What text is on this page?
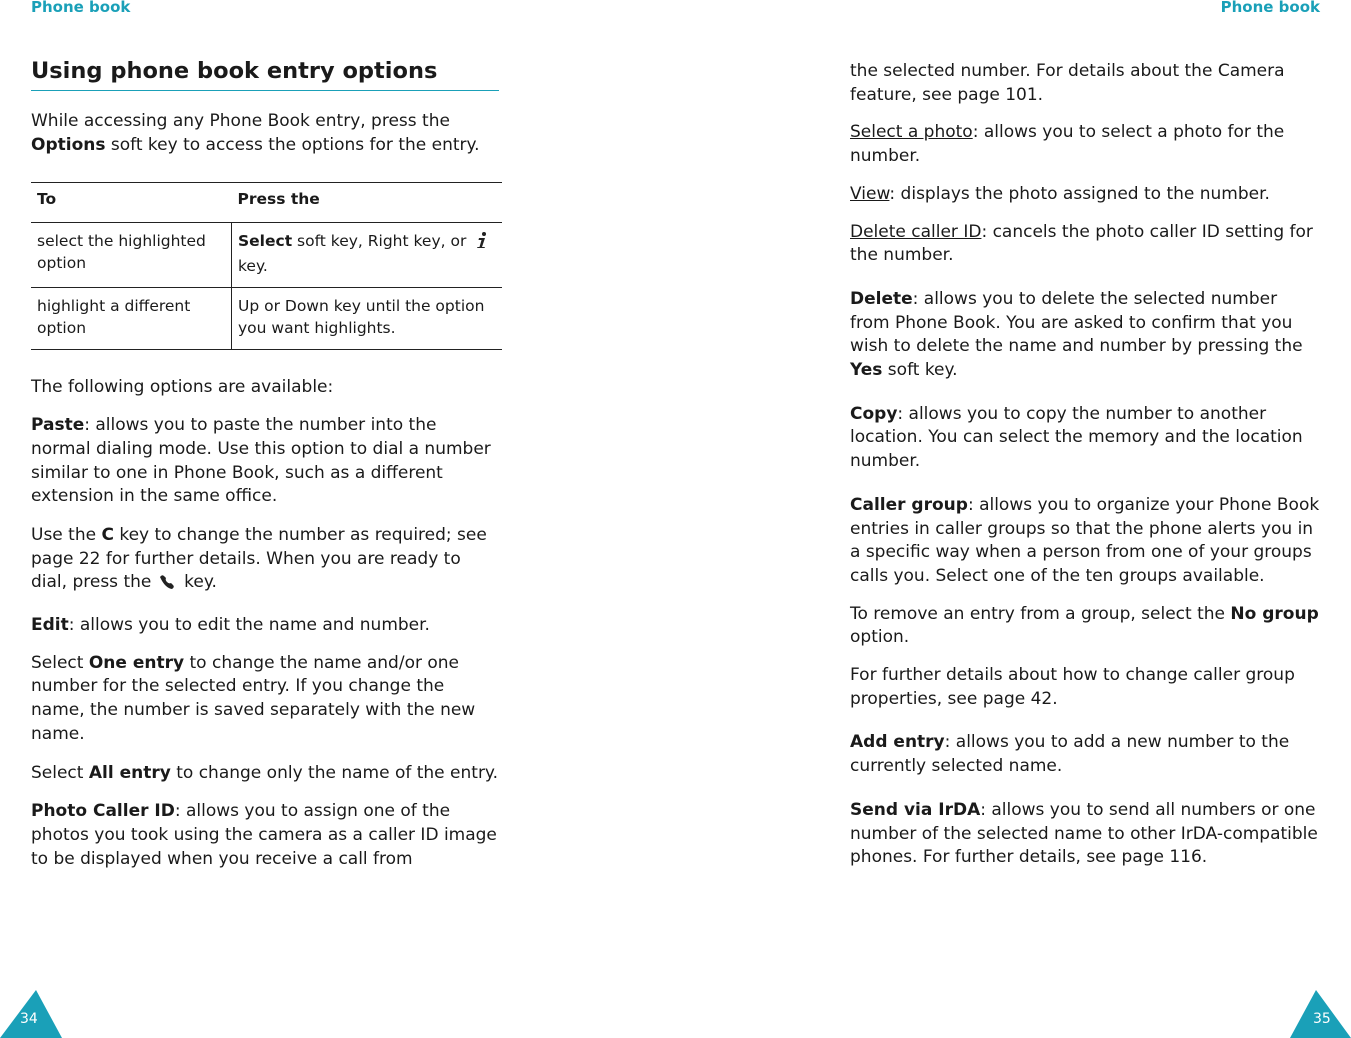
Phone book	Phone book
Using phone book entry options

While accessing any Phone Book entry, press the Options soft key to access the options for the entry.

To	Press the
select the highlighted option	Select soft key, Right key, or  key.
highlight a different option	Up or Down key until the option you want highlights.

The following options are available:

Paste: allows you to paste the number into the normal dialing mode. Use this option to dial a number similar to one in Phone Book, such as a different extension in the same office.

Use the C key to change the number as required; see page 22 for further details. When you are ready to dial, press the  key.

Edit: allows you to edit the name and number.

Select One entry to change the name and/or one number for the selected entry. If you change the name, the number is saved separately with the new name.

Select All entry to change only the name of the entry.

Photo Caller ID: allows you to assign one of the photos you took using the camera as a caller ID image to be displayed when you receive a call from

the selected number. For details about the Camera feature, see page 101.

Select a photo: allows you to select a photo for the number.

View: displays the photo assigned to the number.

Delete caller ID: cancels the photo caller ID setting for the number.

Delete: allows you to delete the selected number from Phone Book. You are asked to confirm that you wish to delete the name and number by pressing the Yes soft key.

Copy: allows you to copy the number to another location. You can select the memory and the location number.

Caller group: allows you to organize your Phone Book entries in caller groups so that the phone alerts you in a specific way when a person from one of your groups calls you. Select one of the ten groups available.

To remove an entry from a group, select the No group option.

For further details about how to change caller group properties, see page 42.

Add entry: allows you to add a new number to the currently selected name.

Send via IrDA: allows you to send all numbers or one number of the selected name to other IrDA-compatible phones. For further details, see page 116.

34	35
